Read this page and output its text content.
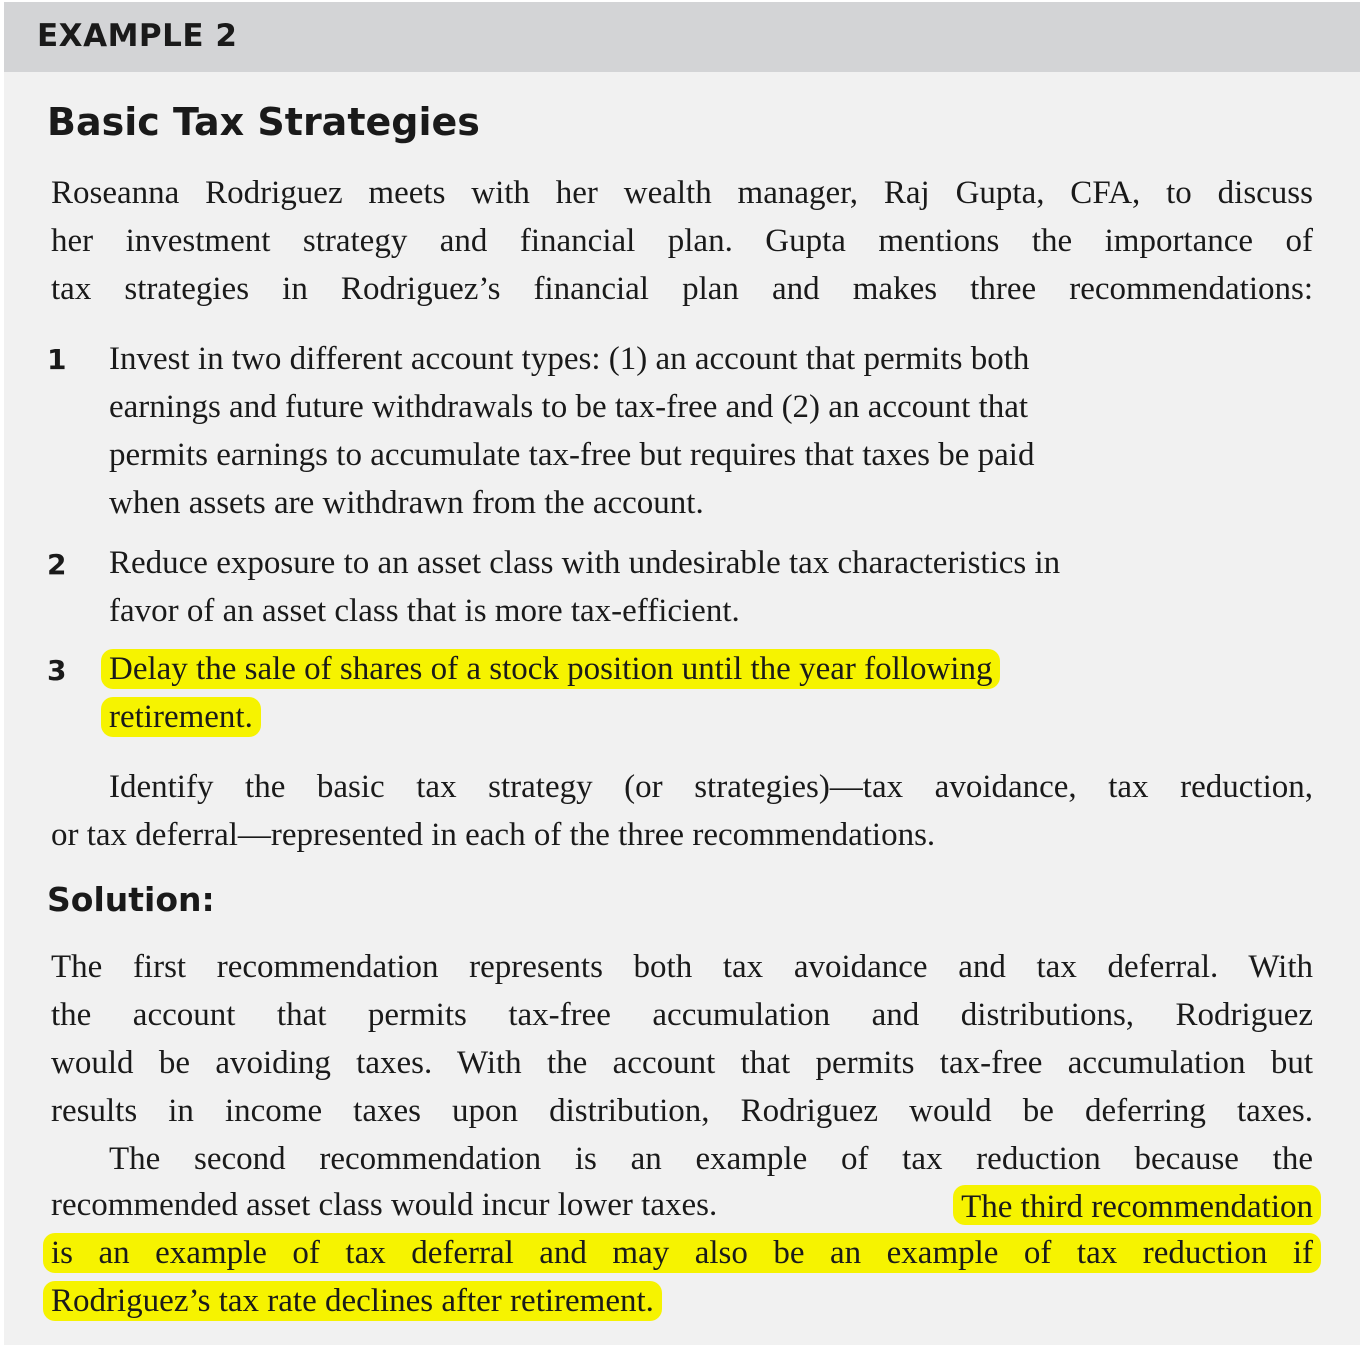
EXAMPLE 2
Basic Tax Strategies
Roseanna Rodriguez meets with her wealth manager, Raj Gupta, CFA, to discuss
her investment strategy and financial plan. Gupta mentions the importance of
tax strategies in Rodriguez’s financial plan and makes three recommendations:
1 Invest in two different account types: (1) an account that permits both
earnings and future withdrawals to be tax-free and (2) an account that
permits earnings to accumulate tax-free but requires that taxes be paid
when assets are withdrawn from the account.
2 Reduce exposure to an asset class with undesirable tax characteristics in
favor of an asset class that is more tax-efficient.
3 Delay the sale of shares of a stock position until the year following
retirement.
Identify the basic tax strategy (or strategies)—tax avoidance, tax reduction,
or tax deferral—represented in each of the three recommendations.
Solution:
The first recommendation represents both tax avoidance and tax deferral. With
the account that permits tax-free accumulation and distributions, Rodriguez
would be avoiding taxes. With the account that permits tax-free accumulation but
results in income taxes upon distribution, Rodriguez would be deferring taxes.
The second recommendation is an example of tax reduction because the
recommended asset class would incur lower taxes.	The third recommendation
is an example of tax deferral and may also be an example of tax reduction if
Rodriguez’s tax rate declines after retirement.
